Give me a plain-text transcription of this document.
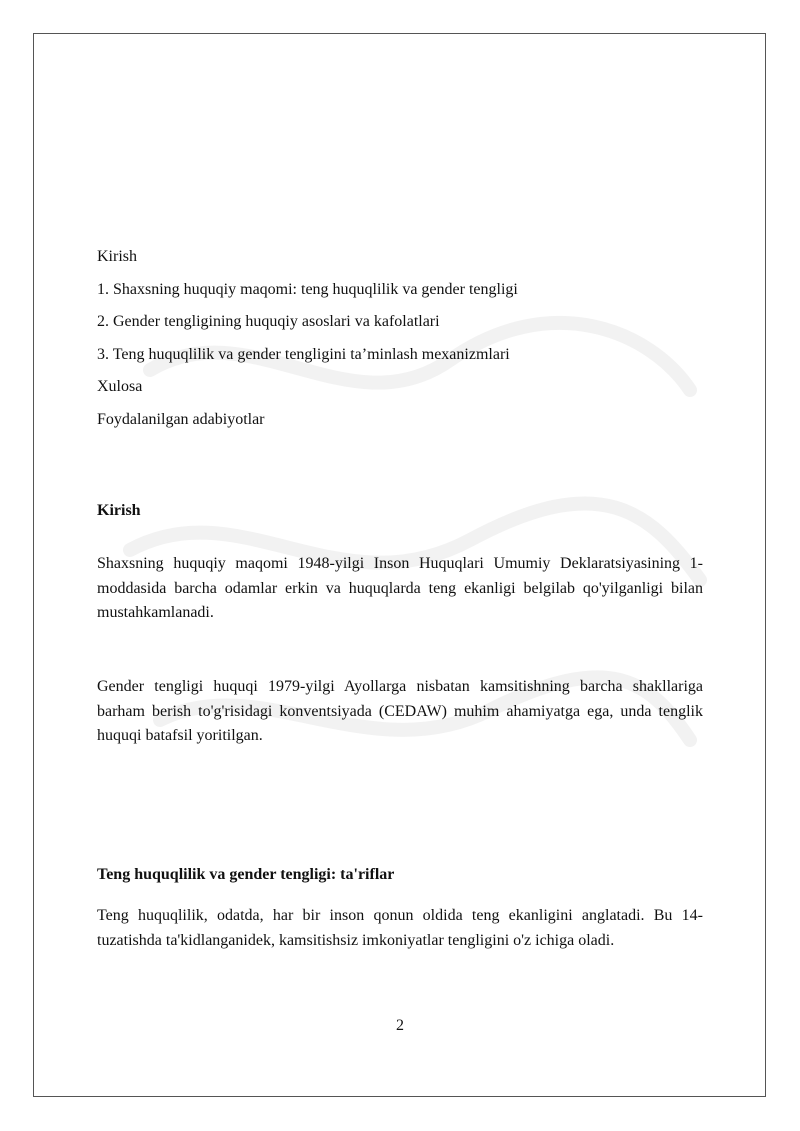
Kirish
1. Shaxsning huquqiy maqomi: teng huquqlilik va gender tengligi
2. Gender tengligining huquqiy asoslari va kafolatlari
3. Teng huquqlilik va gender tengligini ta’minlash mexanizmlari
Xulosa
Foydalanilgan adabiyotlar
Kirish

Shaxsning huquqiy maqomi 1948-yilgi Inson Huquqlari Umumiy Deklaratsiyasining 1-moddasida barcha odamlar erkin va huquqlarda teng ekanligi belgilab qo'yilganligi bilan mustahkamlanadi.

Gender tengligi huquqi 1979-yilgi Ayollarga nisbatan kamsitishning barcha shakllariga barham berish to'g'risidagi konventsiyada (CEDAW) muhim ahamiyatga ega, unda tenglik huquqi batafsil yoritilgan.

Teng huquqlilik va gender tengligi: ta'riflar

Teng huquqlilik, odatda, har bir inson qonun oldida teng ekanligini anglatadi. Bu 14- tuzatishda ta'kidlanganidek, kamsitishsiz imkoniyatlar tengligini o'z ichiga oladi.

2
